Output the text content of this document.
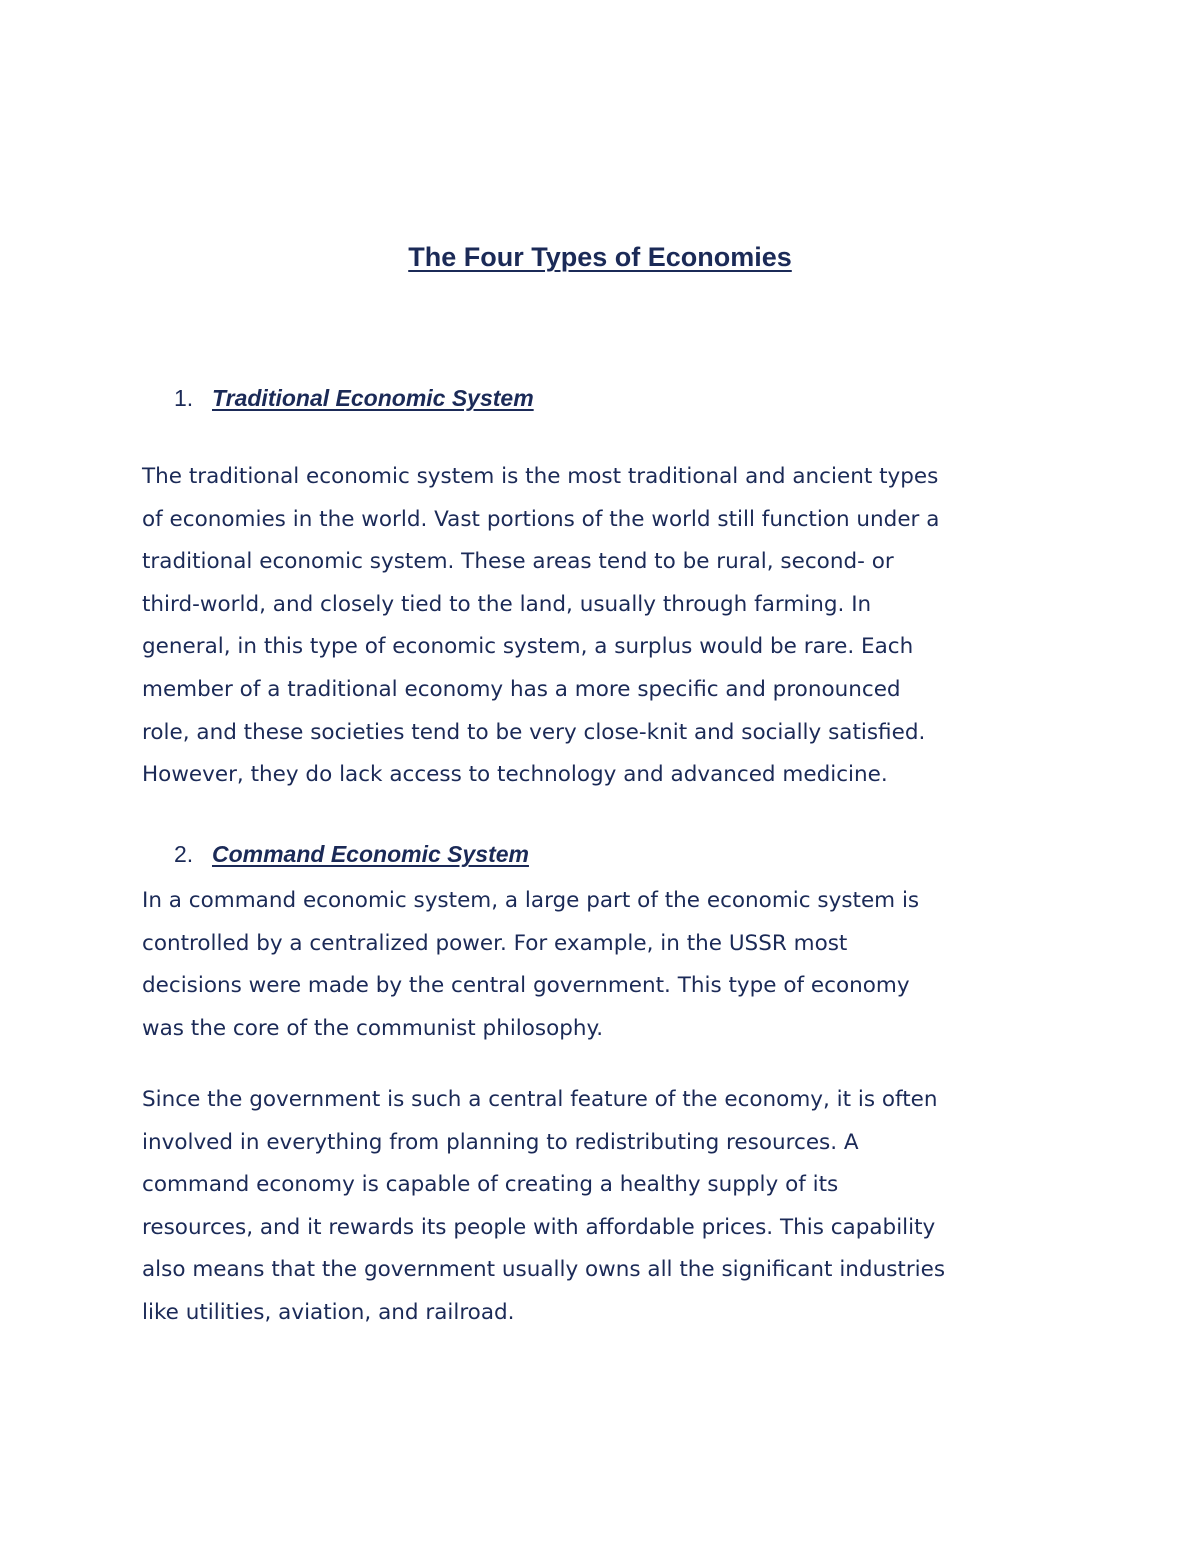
The Four Types of Economies
1. Traditional Economic System

The traditional economic system is the most traditional and ancient types
of economies in the world. Vast portions of the world still function under a
traditional economic system. These areas tend to be rural, second- or
third-world, and closely tied to the land, usually through farming. In
general, in this type of economic system, a surplus would be rare. Each
member of a traditional economy has a more specific and pronounced
role, and these societies tend to be very close-knit and socially satisfied.
However, they do lack access to technology and advanced medicine.

2. Command Economic System

In a command economic system, a large part of the economic system is
controlled by a centralized power. For example, in the USSR most
decisions were made by the central government. This type of economy
was the core of the communist philosophy.

Since the government is such a central feature of the economy, it is often
involved in everything from planning to redistributing resources. A
command economy is capable of creating a healthy supply of its
resources, and it rewards its people with affordable prices. This capability
also means that the government usually owns all the significant industries
like utilities, aviation, and railroad.
